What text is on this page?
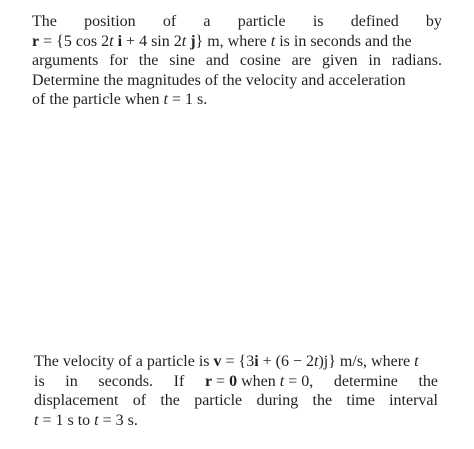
The position of a particle is defined by
r = {5 cos 2t i + 4 sin 2t j} m, where t is in seconds and the
arguments for the sine and cosine are given in radians.
Determine the magnitudes of the velocity and acceleration
of the particle when t = 1 s.
The velocity of a particle is v = {3i + (6 − 2t)j} m/s, where t
is in seconds. If r = 0 when t = 0, determine the
displacement of the particle during the time interval
t = 1 s to t = 3 s.
